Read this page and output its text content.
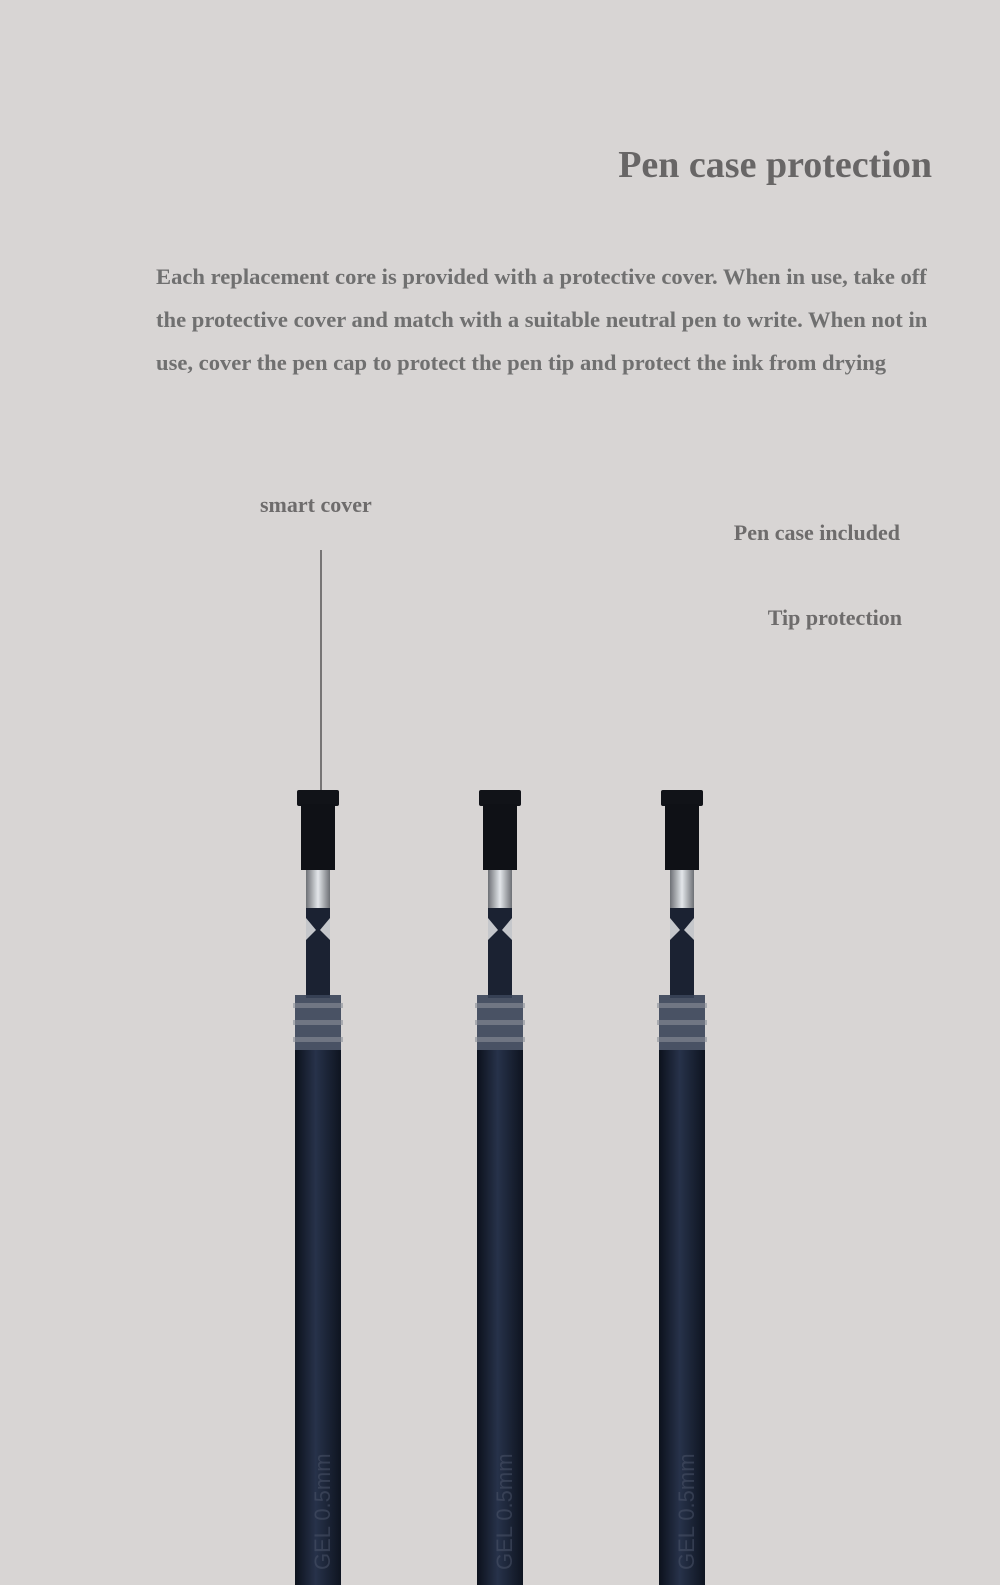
Pen case protection

Each replacement core is provided with a protective cover. When in use, take off the protective cover and match with a suitable neutral pen to write. When not in use, cover the pen cap to protect the pen tip and protect the ink from drying

smart cover
Pen case included
Tip protection
GEL 0.5mm	GEL 0.5mm	GEL 0.5mm
